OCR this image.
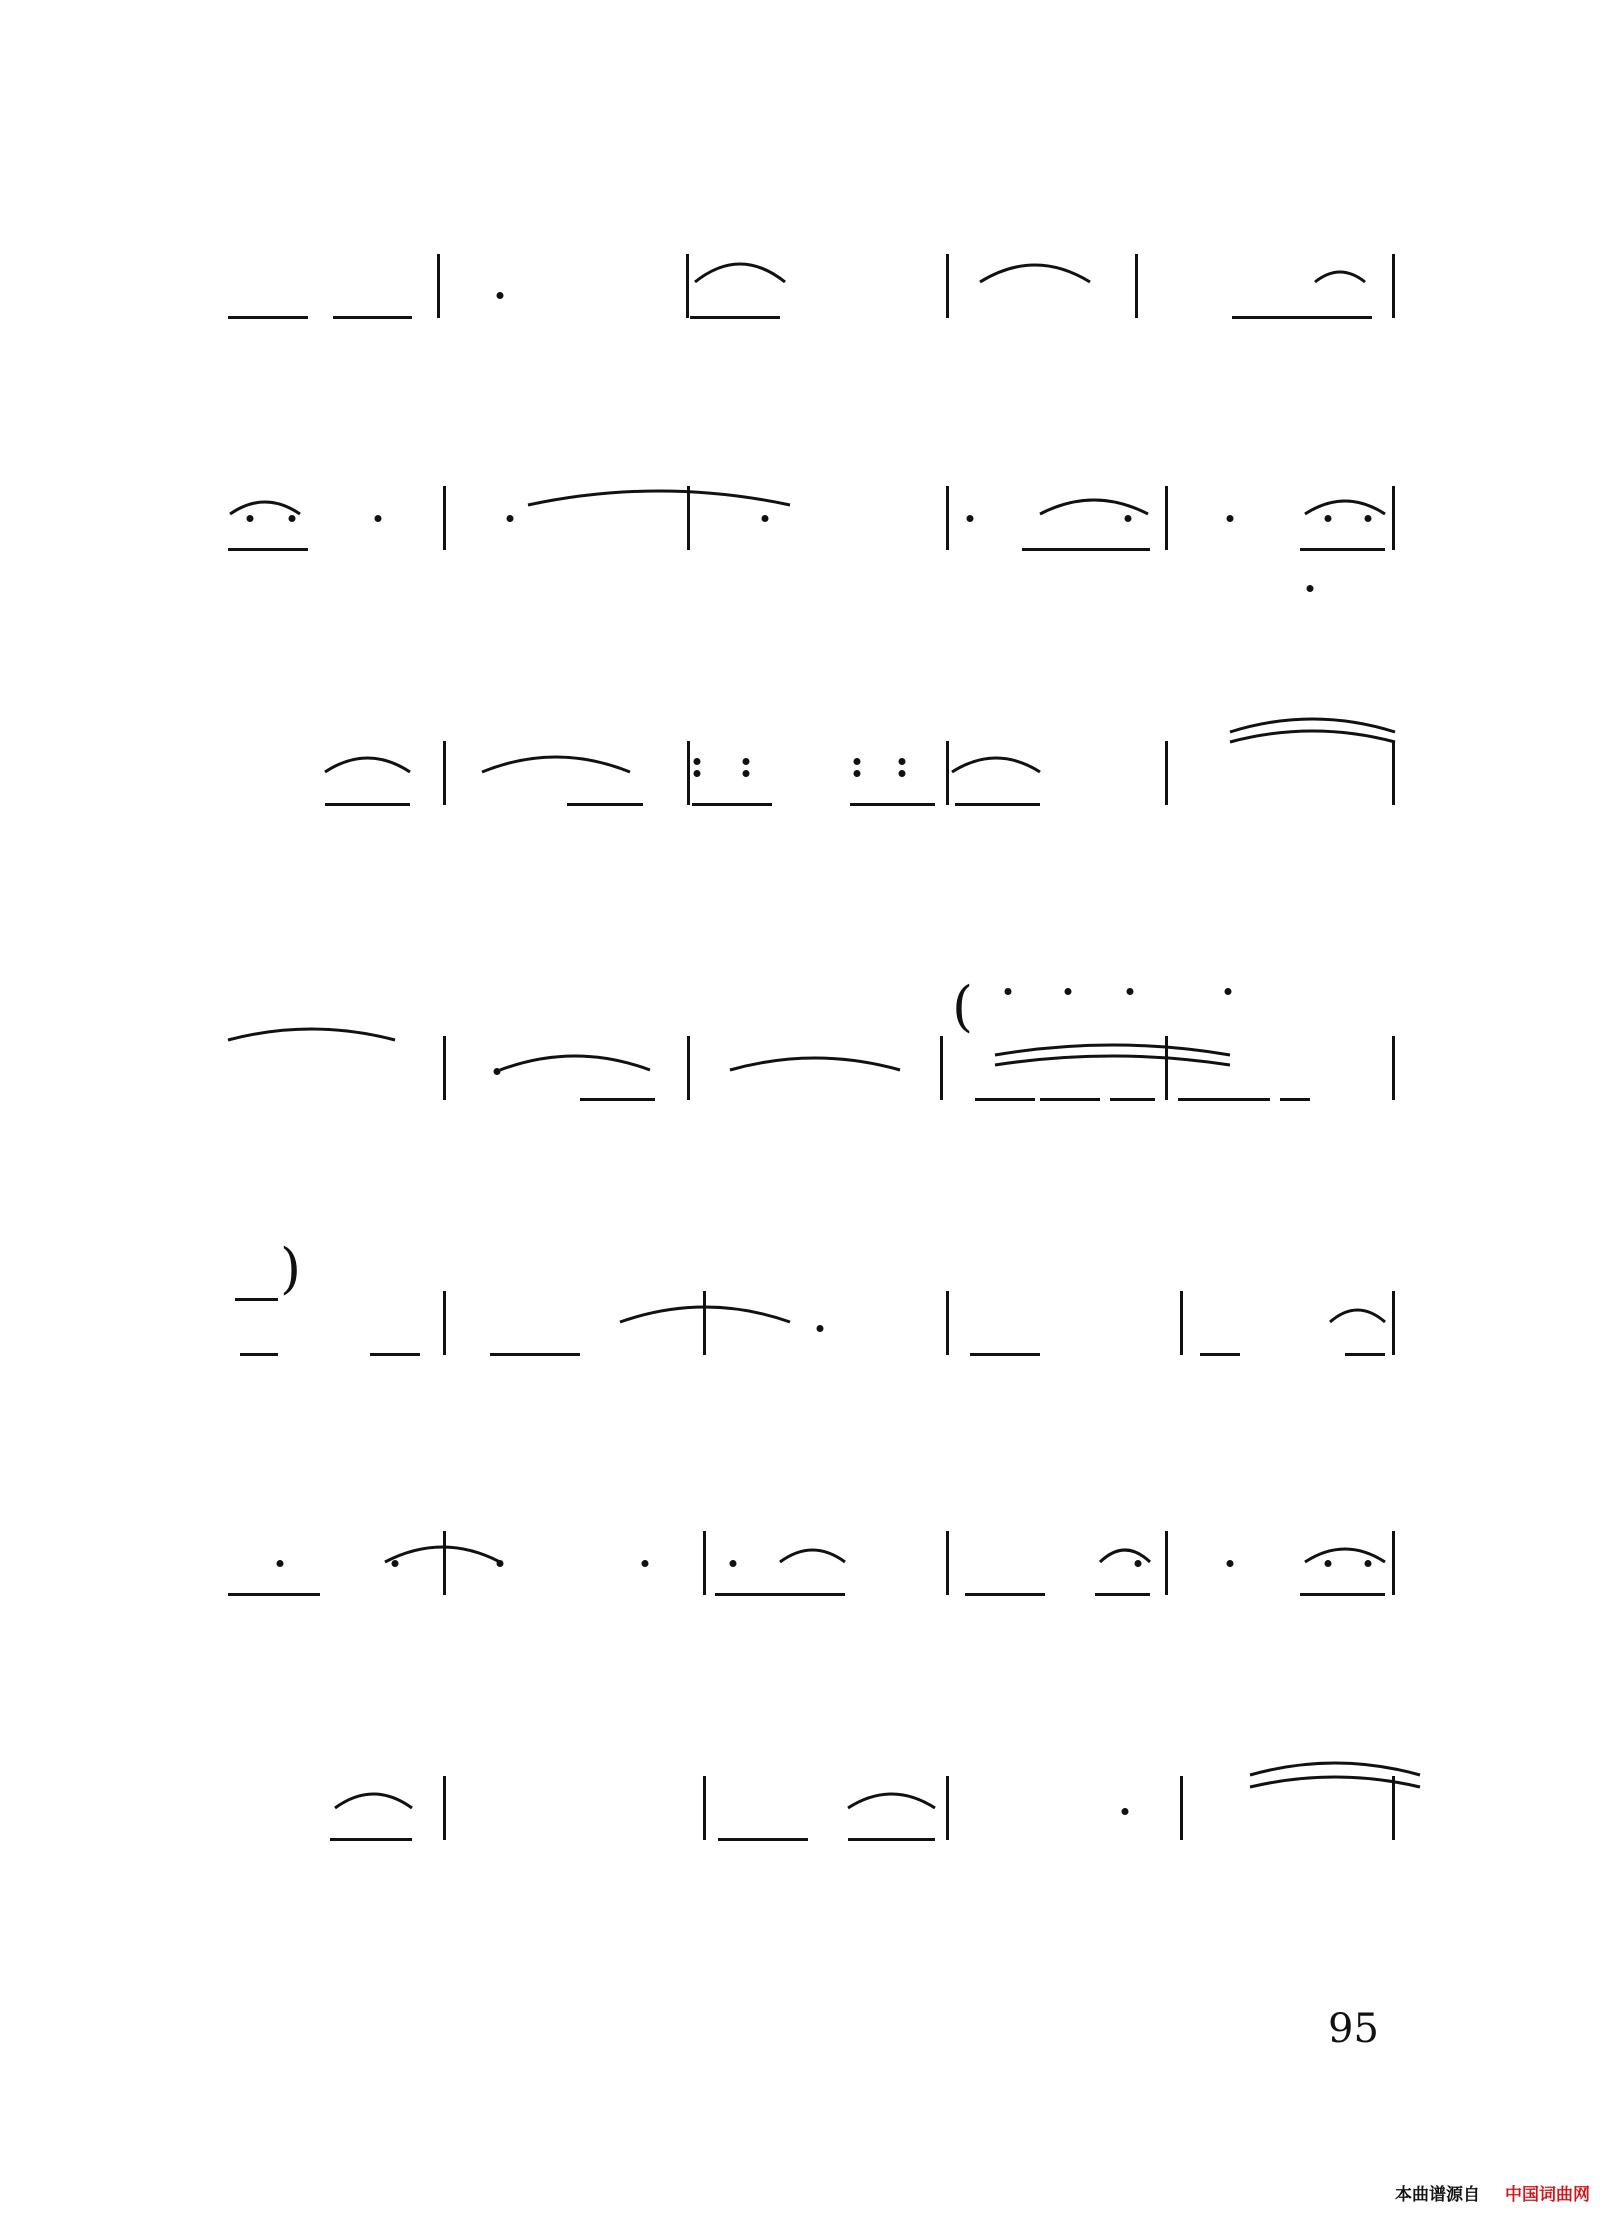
(
)
95
本曲谱源自 中国词曲网
